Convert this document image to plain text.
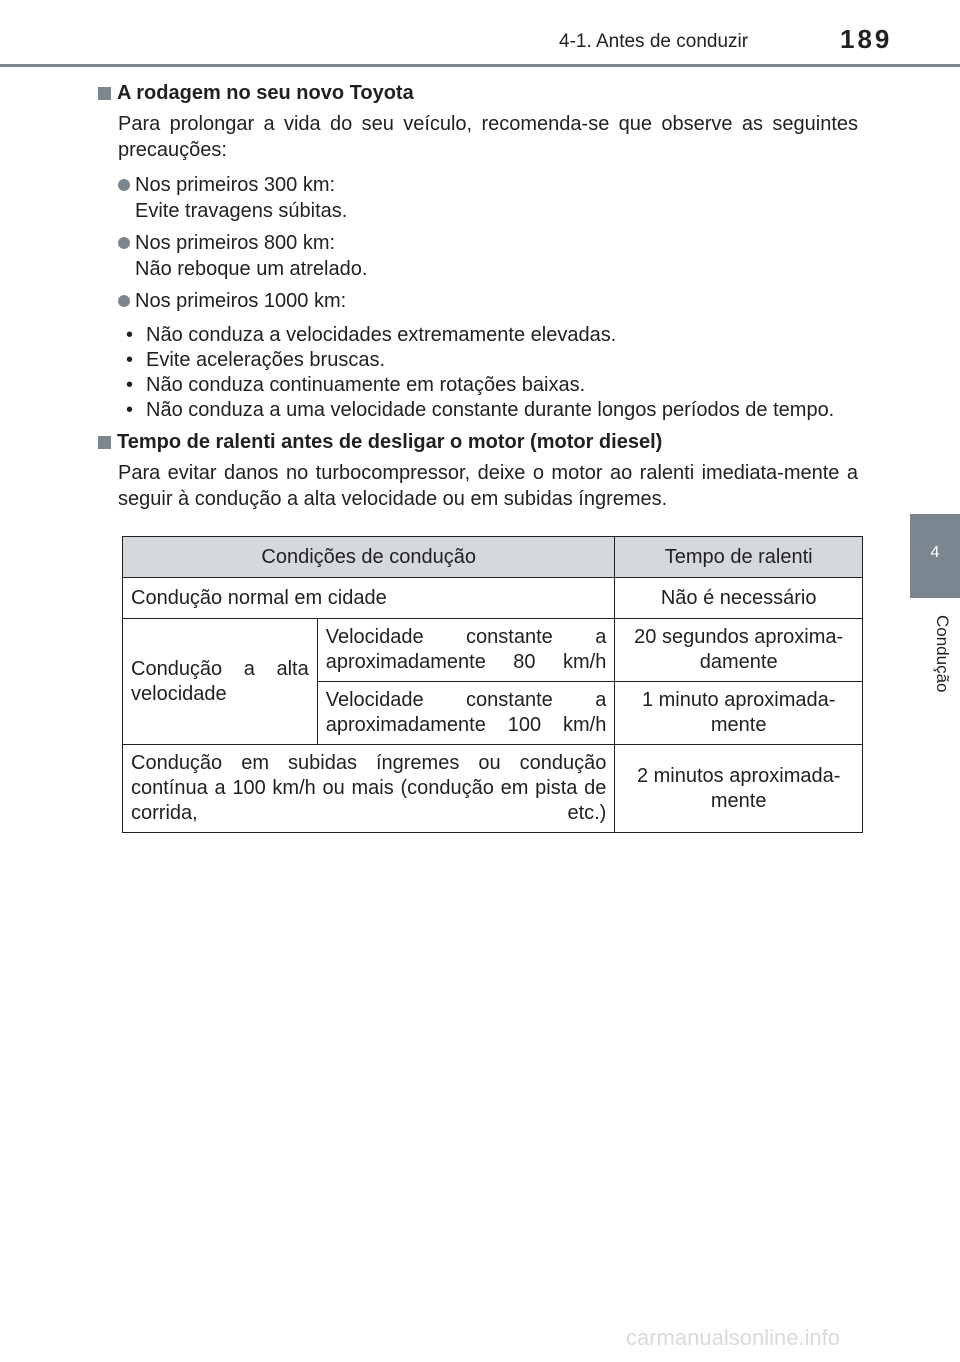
4-1. Antes de conduzir	189
4
Condução
A rodagem no seu novo Toyota
Para prolongar a vida do seu veículo, recomenda-se que observe as seguintes precauções:
Nos primeiros 300 km:
Evite travagens súbitas.
Nos primeiros 800 km:
Não reboque um atrelado.
Nos primeiros 1000 km:
• Não conduza a velocidades extremamente elevadas.
• Evite acelerações bruscas.
• Não conduza continuamente em rotações baixas.
• Não conduza a uma velocidade constante durante longos períodos de tempo.
Tempo de ralenti antes de desligar o motor (motor diesel)
Para evitar danos no turbocompressor, deixe o motor ao ralenti imediata-mente a seguir à condução a alta velocidade ou em subidas íngremes.
Condições de condução		Tempo de ralenti
Condução normal em cidade		Não é necessário
Condução a alta velocidade	Velocidade constante a aproximadamente 80 km/h	20 segundos aproxima-damente
	Velocidade constante a aproximadamente 100 km/h	1 minuto aproximada-mente
Condução em subidas íngremes ou condução contínua a 100 km/h ou mais (condução em pista de corrida, etc.)		2 minutos aproximada-mente
carmanualsonline.info
